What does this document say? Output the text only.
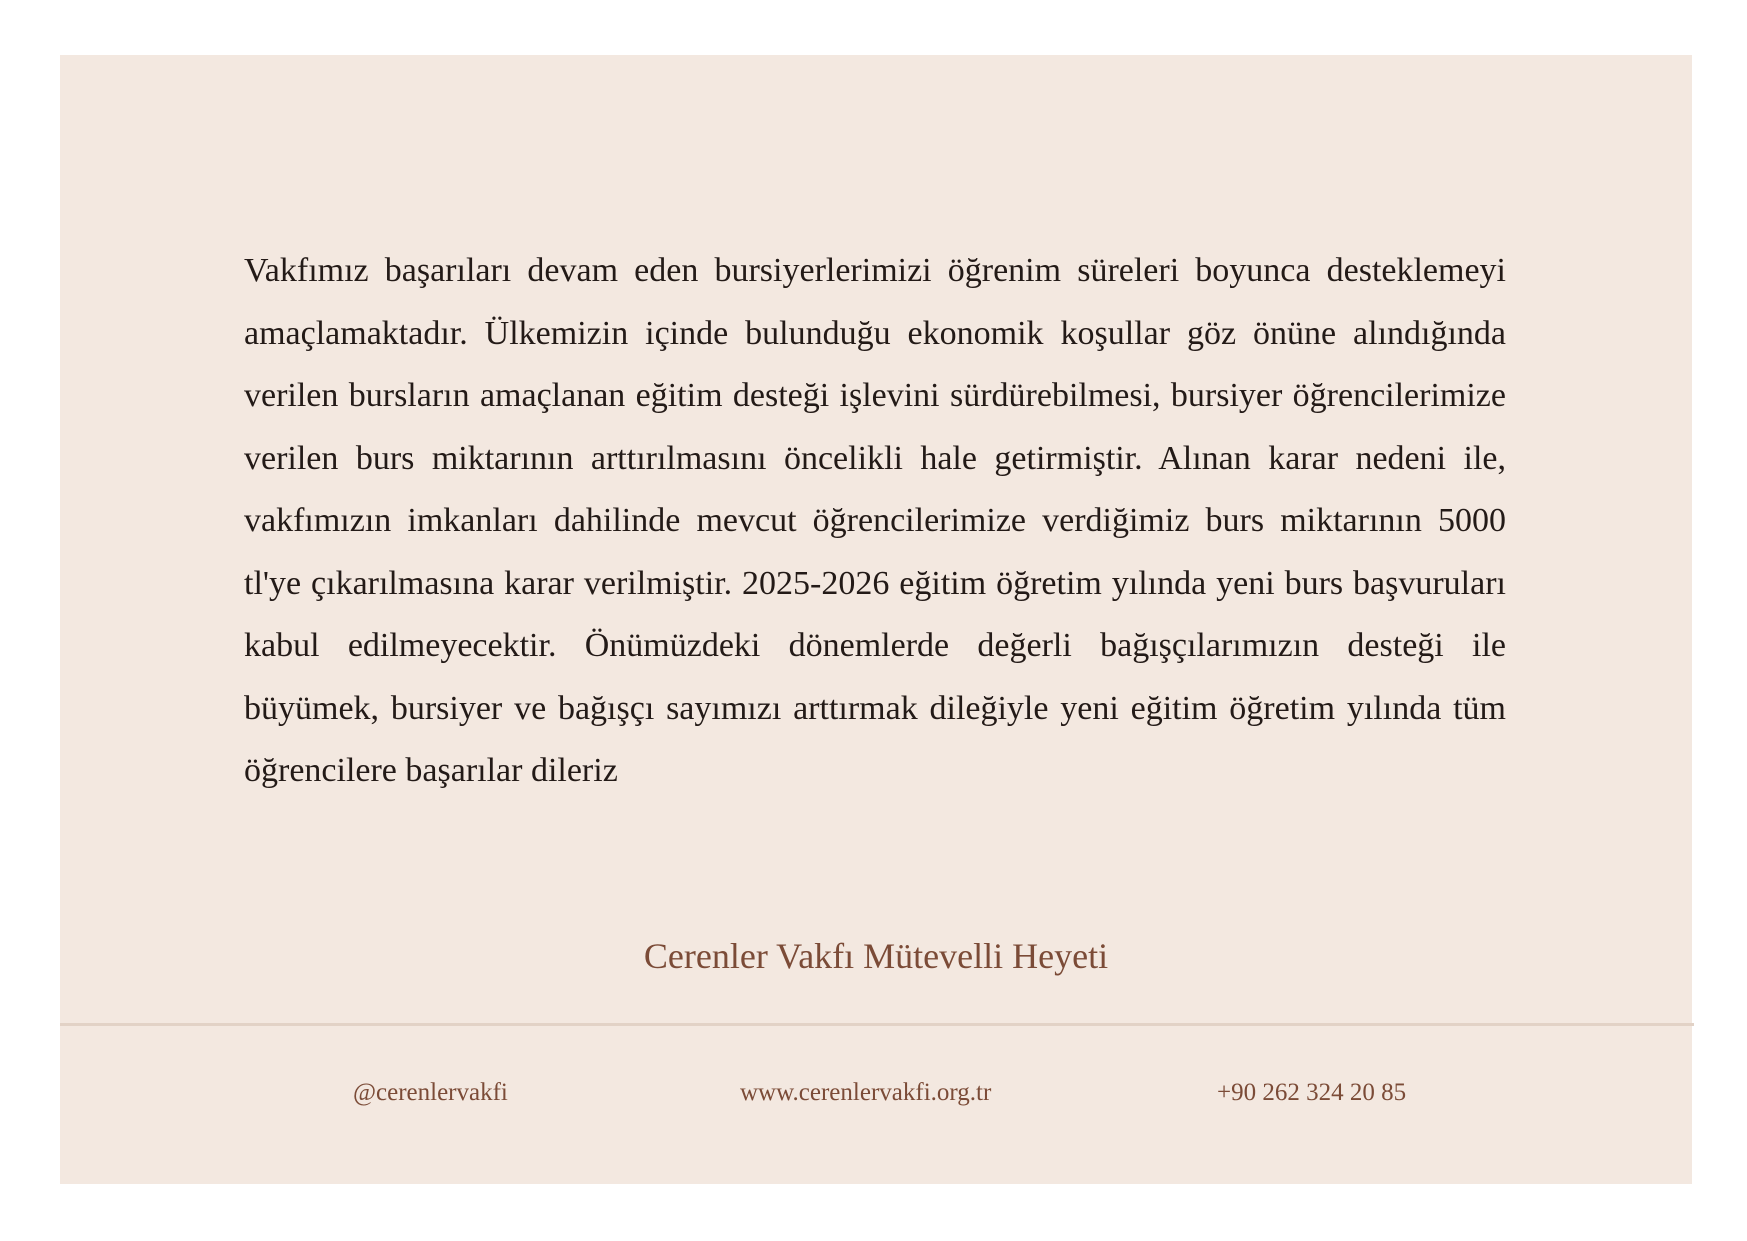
Vakfımız başarıları devam eden bursiyerlerimizi öğrenim süreleri boyunca desteklemeyi amaçlamaktadır. Ülkemizin içinde bulunduğu ekonomik koşullar göz önüne alındığında verilen bursların amaçlanan eğitim desteği işlevini sürdürebilmesi, bursiyer öğrencilerimize verilen burs miktarının arttırılmasını öncelikli hale getirmiştir. Alınan karar nedeni ile, vakfımızın imkanları dahilinde mevcut öğrencilerimize verdiğimiz burs miktarının 5000 tl'ye çıkarılmasına karar verilmiştir. 2025-2026 eğitim öğretim yılında yeni burs başvuruları kabul edilmeyecektir. Önümüzdeki dönemlerde değerli bağışçılarımızın desteği ile büyümek, bursiyer ve bağışçı sayımızı arttırmak dileğiyle yeni eğitim öğretim yılında tüm öğrencilere başarılar dileriz

Cerenler Vakfı Mütevelli Heyeti

@cerenlervakfi	www.cerenlervakfi.org.tr	+90 262 324 20 85
